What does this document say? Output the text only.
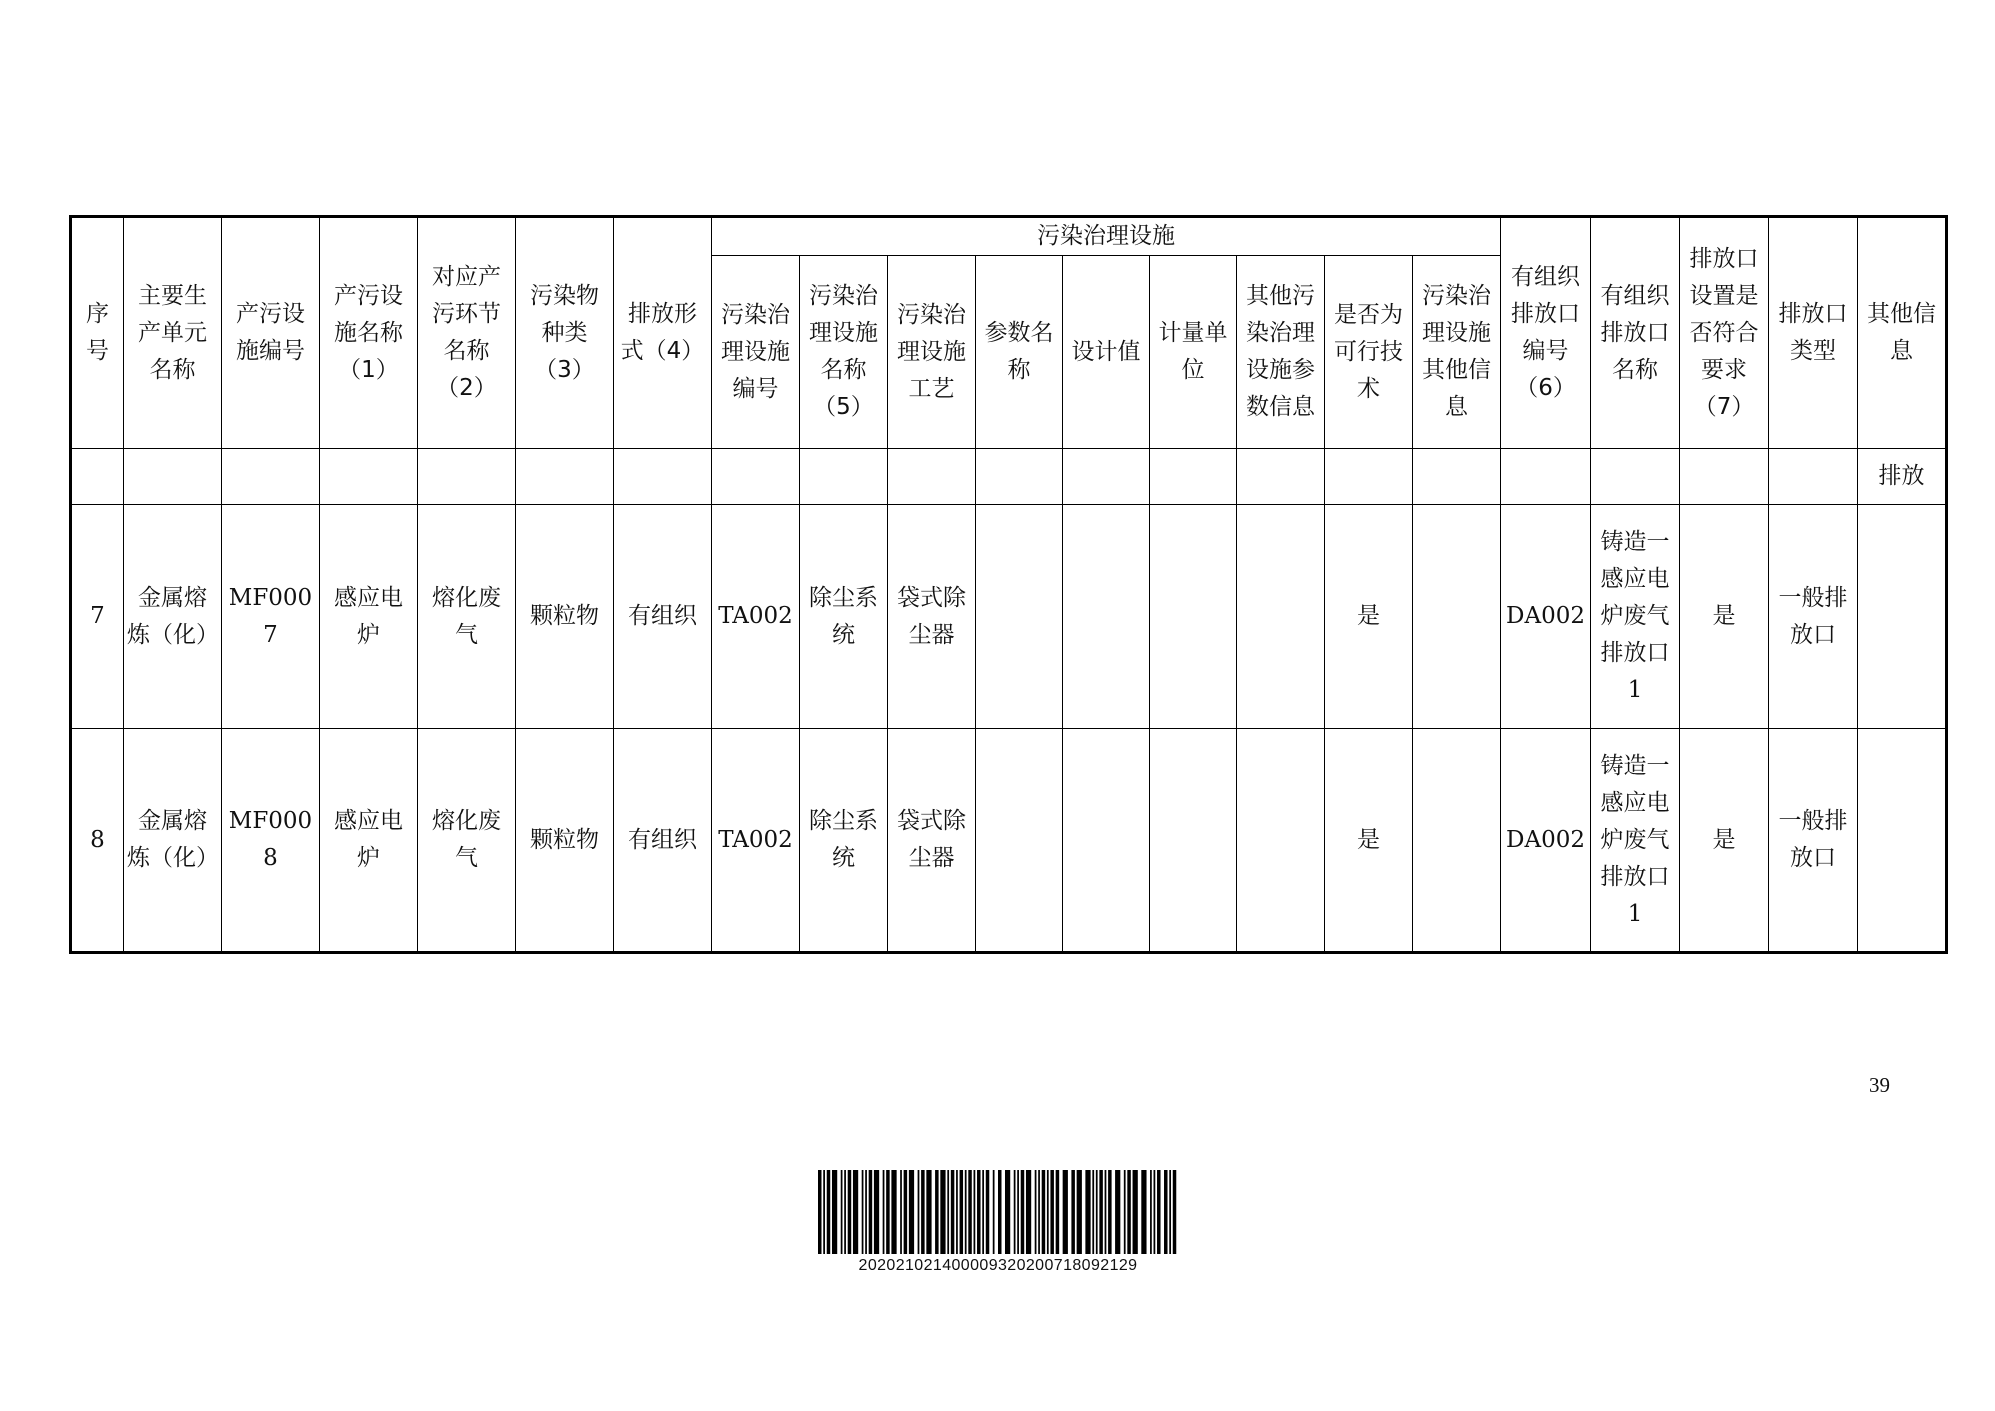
序号	主要生产单元名称	产污设施编号	产污设施名称（1）	对应产污环节名称（2）	污染物种类（3）	排放形式（4）	污染治理设施									有组织排放口编号（6）	有组织排放口名称	排放口设置是否符合要求（7）	排放口类型	其他信息
							污染治理设施编号	污染治理设施名称（5）	污染治理设施工艺	参数名称	设计值	计量单位	其他污染治理设施参数信息	是否为可行技术	污染治理设施其他信息					
																				排放
7	金属熔炼（化）	MF0007	感应电炉	熔化废气	颗粒物	有组织	TA002	除尘系统	袋式除尘器					是		DA002	铸造一感应电炉废气排放口1	是	一般排放口	
8	金属熔炼（化）	MF0008	感应电炉	熔化废气	颗粒物	有组织	TA002	除尘系统	袋式除尘器					是		DA002	铸造一感应电炉废气排放口1	是	一般排放口	
39
2020210214000093202007180921​29
